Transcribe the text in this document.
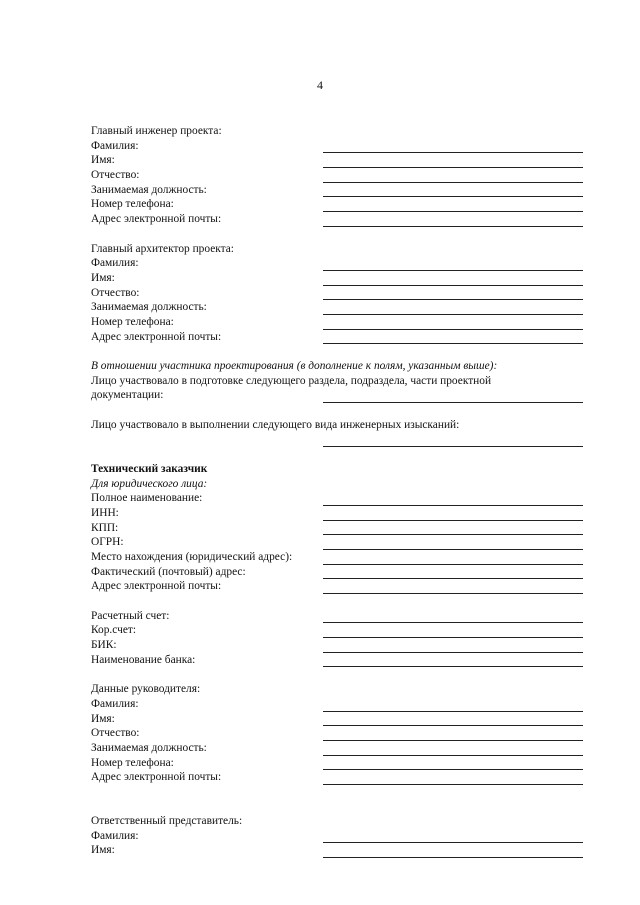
4
Главный инженер проекта:
Фамилия:
Имя:
Отчество:
Занимаемая должность:
Номер телефона:
Адрес электронной почты:
Главный архитектор проекта:
Фамилия:
Имя:
Отчество:
Занимаемая должность:
Номер телефона:
Адрес электронной почты:
В отношении участника проектирования (в дополнение к полям, указанным выше):
Лицо участвовало в подготовке следующего раздела, подраздела, части проектной
документации:
Лицо участвовало в выполнении следующего вида инженерных изысканий:
Технический заказчик
Для юридического лица:
Полное наименование:
ИНН:
КПП:
ОГРН:
Место нахождения (юридический адрес):
Фактический (почтовый) адрес:
Адрес электронной почты:
Расчетный счет:
Кор.счет:
БИК:
Наименование банка:
Данные руководителя:
Фамилия:
Имя:
Отчество:
Занимаемая должность:
Номер телефона:
Адрес электронной почты:
Ответственный представитель:
Фамилия:
Имя:
